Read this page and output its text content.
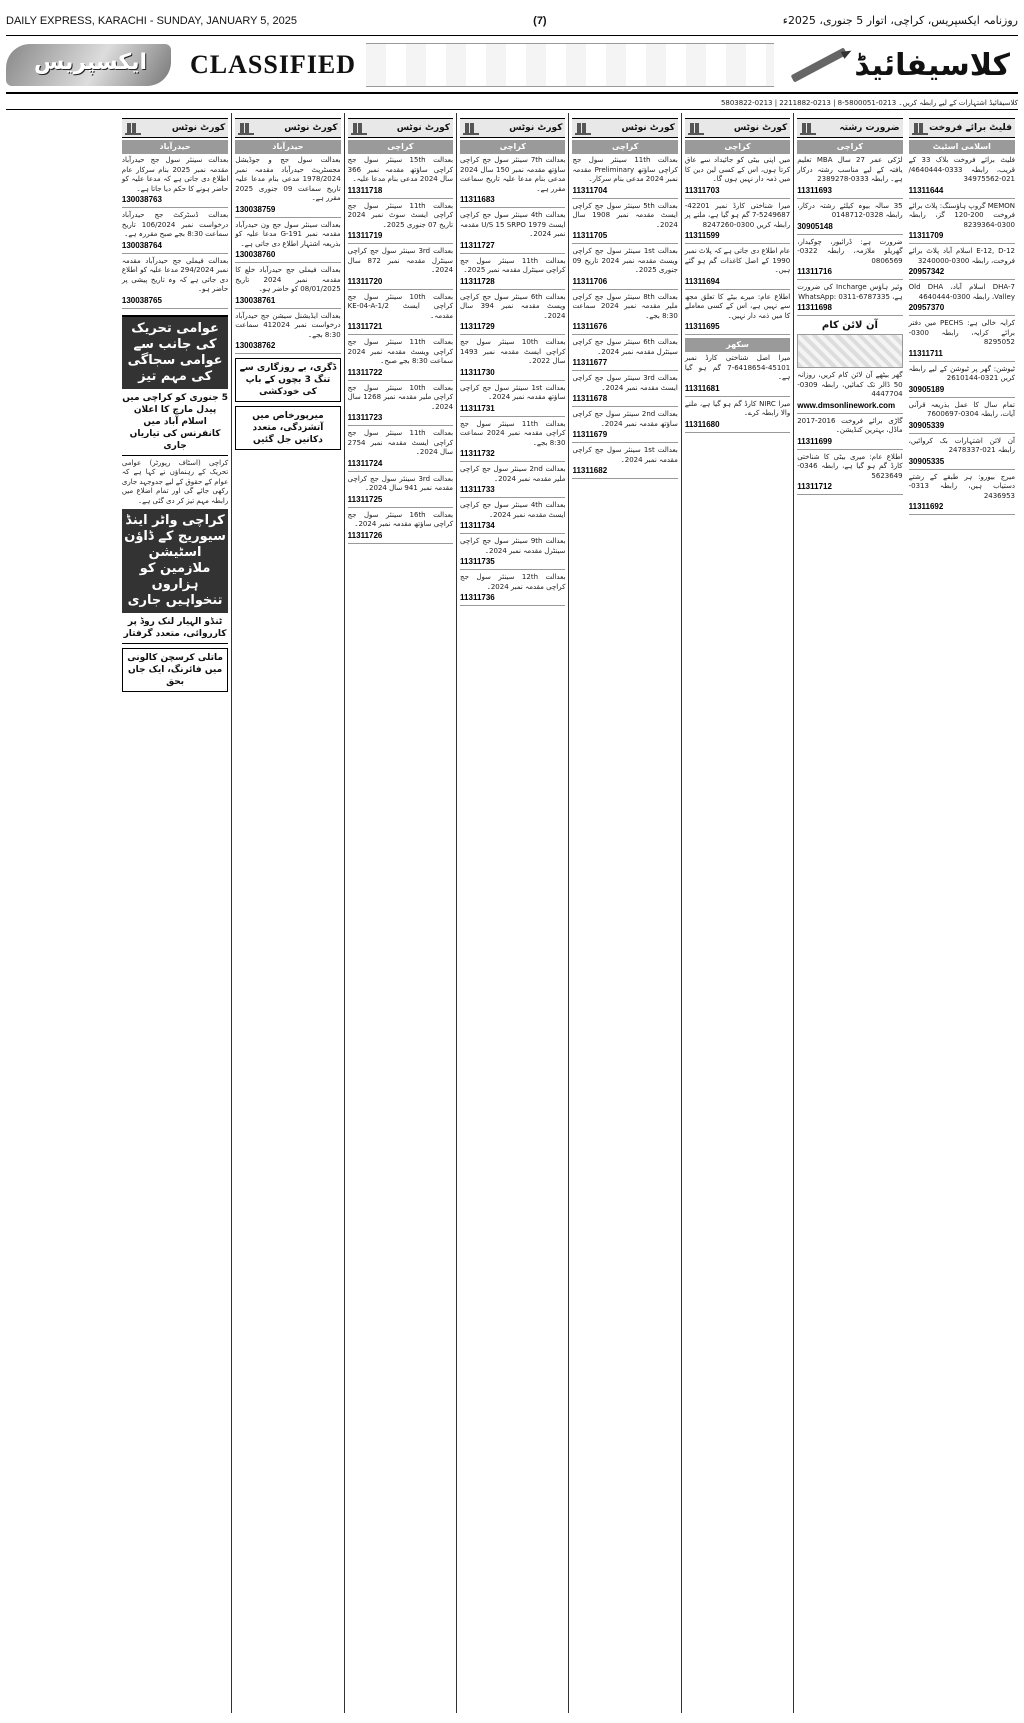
DAILY EXPRESS, KARACHI - SUNDAY, JANUARY 5, 2025	(7)	روزنامہ ایکسپریس، کراچی، اتوار 5 جنوری، 2025ء
ایکسپریس CLASSIFIED	کلاسیفائیڈ
کلاسیفائیڈ اشتہارات کے لیے رابطہ کریں۔ 0213-5800051-8 | 0213-2211882 | 0213-5803822
فلیٹ برائے فروخت
اسلامی اسٹیٹ
فلیٹ برائے فروخت بلاک 33 کے قریب، رابطہ 0333-4640444/ 021-34975562
11311644
MEMON گروپ ہاؤسنگ: پلاٹ برائے فروخت 200-120 گز، رابطہ 0300-8239364
11311709
E-12, D-12 اسلام آباد پلاٹ برائے فروخت، رابطہ 0300-3240000
20957342
DHA-7 اسلام آباد، Old DHA Valley، رابطہ 0300-4640444
20957370
کرایہ خالی ہے: PECHS میں دفتر برائے کرایہ، رابطہ 0300-8295052
11311711
ٹیوشن: گھر پر ٹیوشن کے لیے رابطہ کریں 0321-2610144
30905189
تمام سال کا عمل بذریعہ قرآنی آیات، رابطہ 0304-7600697
30905339
آن لائن اشتہارات بک کروائیں، رابطہ 021-2478337
30905335
میرج بیورو: ہر طبقے کے رشتے دستیاب ہیں، رابطہ 0313-2436953
11311692
ضرورت رشتہ
کراچی
لڑکی عمر 27 سال MBA تعلیم یافتہ کے لیے مناسب رشتہ درکار ہے۔ رابطہ 0333-2389278
11311693
35 سالہ بیوہ کیلئے رشتہ درکار، رابطہ 0328-0148712
30905148
ضرورت ہے: ڈرائیور، چوکیدار، گھریلو ملازمہ، رابطہ 0322-0806569
11311716
وئیر ہاؤس Incharge کی ضرورت ہے، WhatsApp: 0311-6787335
11311698
آن لائن کام
گھر بیٹھے آن لائن کام کریں، روزانہ 50 ڈالر تک کمائیں، رابطہ 0309-4447704
www.dmsonlinework.com
گاڑی برائے فروخت 2016-2017 ماڈل، بہترین کنڈیشن۔
11311699
اطلاع عام: میری بیٹی کا شناختی کارڈ گم ہو گیا ہے، رابطہ 0346-5623649
11311712
کورٹ نوٹس
کراچی
میں اپنی بیٹی کو جائیداد سے عاق کرتا ہوں، اس کے کسی لین دین کا میں ذمہ دار نہیں ہوں گا۔
11311703
میرا شناختی کارڈ نمبر 42201-5249687-7 گم ہو گیا ہے، ملنے پر رابطہ کریں 0300-8247260
11311599
عام اطلاع دی جاتی ہے کہ پلاٹ نمبر 1990 کے اصل کاغذات گم ہو گئے ہیں۔
11311694
اطلاع عام: میرے بیٹے کا تعلق مجھ سے نہیں ہے، اس کے کسی معاملے کا میں ذمہ دار نہیں۔
11311695
سکھر
میرا اصل شناختی کارڈ نمبر 45101-6418654-7 گم ہو گیا ہے۔
11311681
میرا NIRC کارڈ گم ہو گیا ہے، ملنے والا رابطہ کرے۔
11311680
کورٹ نوٹس
کراچی
بعدالت 11th سینئر سول جج کراچی ساؤتھ Preliminary مقدمہ نمبر 2024 مدعی بنام سرکار۔
11311704
بعدالت 5th سینئر سول جج کراچی ایسٹ مقدمہ نمبر 1908 سال 2024۔
11311705
بعدالت 1st سینئر سول جج کراچی ویسٹ مقدمہ نمبر 2024 تاریخ 09 جنوری 2025۔
11311706
بعدالت 8th سینئر سول جج کراچی ملیر مقدمہ نمبر 2024 سماعت 8:30 بجے۔
11311676
بعدالت 6th سینئر سول جج کراچی سینٹرل مقدمہ نمبر 2024۔
11311677
بعدالت 3rd سینئر سول جج کراچی ایسٹ مقدمہ نمبر 2024۔
11311678
بعدالت 2nd سینئر سول جج کراچی ساؤتھ مقدمہ نمبر 2024۔
11311679
بعدالت 1st سینئر سول جج کراچی مقدمہ نمبر 2024۔
11311682
کورٹ نوٹس
کراچی
بعدالت 7th سینئر سول جج کراچی ساؤتھ مقدمہ نمبر 150 سال 2024 مدعی بنام مدعا علیہ تاریخ سماعت مقرر ہے۔
11311683
بعدالت 4th سینئر سول جج کراچی ایسٹ U/S 15 SRPO 1979 مقدمہ نمبر 2024۔
11311727
بعدالت 11th سینئر سول جج کراچی سینٹرل مقدمہ نمبر 2025۔
11311728
بعدالت 6th سینئر سول جج کراچی ویسٹ مقدمہ نمبر 394 سال 2024۔
11311729
بعدالت 10th سینئر سول جج کراچی ایسٹ مقدمہ نمبر 1493 سال 2022۔
11311730
بعدالت 1st سینئر سول جج کراچی ساؤتھ مقدمہ نمبر 2024۔
11311731
بعدالت 11th سینئر سول جج کراچی مقدمہ نمبر 2024 سماعت 8:30 بجے۔
11311732
بعدالت 2nd سینئر سول جج کراچی ملیر مقدمہ نمبر 2024۔
11311733
بعدالت 4th سینئر سول جج کراچی ایسٹ مقدمہ نمبر 2024۔
11311734
بعدالت 9th سینئر سول جج کراچی سینٹرل مقدمہ نمبر 2024۔
11311735
بعدالت 12th سینئر سول جج کراچی مقدمہ نمبر 2024۔
11311736
کورٹ نوٹس
کراچی
بعدالت 15th سینئر سول جج کراچی ساؤتھ مقدمہ نمبر 366 سال 2024 مدعی بنام مدعا علیہ۔
11311718
بعدالت 11th سینئر سول جج کراچی ایسٹ سوٹ نمبر 2024 تاریخ 07 جنوری 2025۔
11311719
بعدالت 3rd سینئر سول جج کراچی سینٹرل مقدمہ نمبر 872 سال 2024۔
11311720
بعدالت 10th سینئر سول جج کراچی ایسٹ KE-04-A-1/2 مقدمہ۔
11311721
بعدالت 11th سینئر سول جج کراچی ویسٹ مقدمہ نمبر 2024 سماعت 8:30 بجے صبح۔
11311722
بعدالت 10th سینئر سول جج کراچی ملیر مقدمہ نمبر 1268 سال 2024۔
11311723
بعدالت 11th سینئر سول جج کراچی ایسٹ مقدمہ نمبر 2754 سال 2024۔
11311724
بعدالت 3rd سینئر سول جج کراچی مقدمہ نمبر 941 سال 2024۔
11311725
بعدالت 16th سینئر سول جج کراچی ساؤتھ مقدمہ نمبر 2024۔
11311726
کورٹ نوٹس
حیدرآباد
بعدالت سول جج و جوڈیشل مجسٹریٹ حیدرآباد مقدمہ نمبر 1978/2024 مدعی بنام مدعا علیہ تاریخ سماعت 09 جنوری 2025 مقرر ہے۔
130038759
بعدالت سینئر سول جج ون حیدرآباد مقدمہ نمبر G-191 مدعا علیہ کو بذریعہ اشتہار اطلاع دی جاتی ہے۔
130038760
بعدالت فیملی جج حیدرآباد خلع کا مقدمہ نمبر 2024 تاریخ 08/01/2025 کو حاضر ہو۔
130038761
بعدالت ایڈیشنل سیشن جج حیدرآباد درخواست نمبر 412024 سماعت 8:30 بجے۔
130038762
ڈگری، بے روزگاری سے تنگ 3 بچوں کے باپ کی خودکشی
میرپورخاص میں آتشزدگی، متعدد دکانیں جل گئیں
کورٹ نوٹس
حیدرآباد
بعدالت سینئر سول جج حیدرآباد مقدمہ نمبر 2025 بنام سرکار عام اطلاع دی جاتی ہے کہ مدعا علیہ کو حاضر ہونے کا حکم دیا جاتا ہے۔
130038763
بعدالت ڈسٹرکٹ جج حیدرآباد درخواست نمبر 106/2024 تاریخ سماعت 8:30 بجے صبح مقررہ ہے۔
130038764
بعدالت فیملی جج حیدرآباد مقدمہ نمبر 294/2024 مدعا علیہ کو اطلاع دی جاتی ہے کہ وہ تاریخ پیشی پر حاضر ہو۔
130038765
عوامی تحریک کی جانب سے عوامی سجاگی کی مہم تیز
5 جنوری کو کراچی میں پیدل مارچ کا اعلان اسلام آباد میں کانفرنس کی تیاریاں جاری
کراچی (اسٹاف رپورٹر) عوامی تحریک کے رہنماؤں نے کہا ہے کہ عوام کے حقوق کے لیے جدوجہد جاری رکھی جائے گی اور تمام اضلاع میں رابطہ مہم تیز کر دی گئی ہے۔
کراچی واٹر اینڈ سیوریج کے ڈاؤن اسٹیشن ملازمین کو ہزاروں تنخواہیں جاری
ٹنڈو الہیار لنک روڈ پر کارروائی، متعدد گرفتار
ماتلی کرسچن کالونی میں فائرنگ، ایک جاں بحق
